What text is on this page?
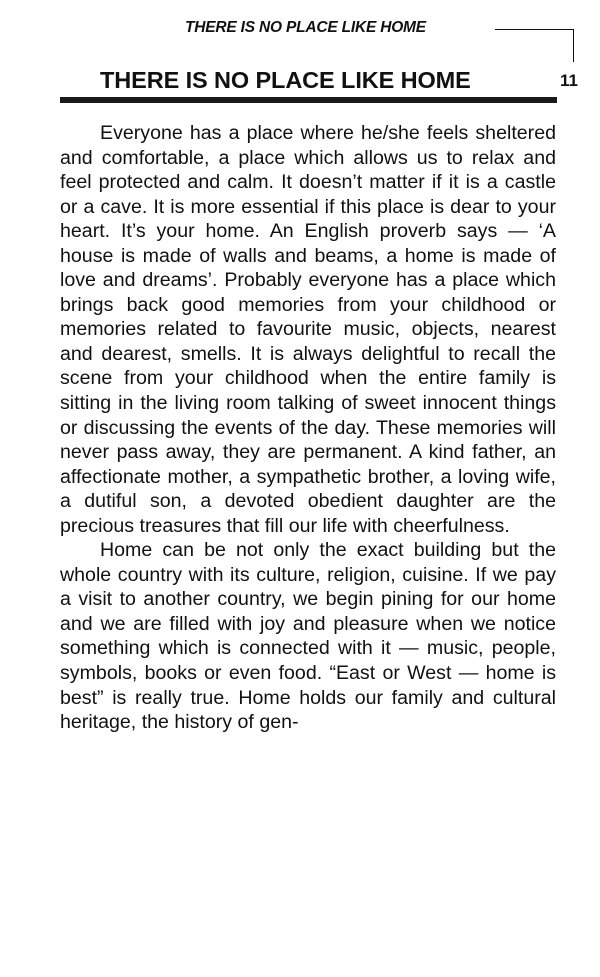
THERE IS NO PLACE LIKE HOME
THERE IS NO PLACE LIKE HOME	11

Everyone has a place where he/she feels sheltered and comfortable, a place which allows us to relax and feel protected and calm. It doesn’t matter if it is a castle or a cave. It is more essential if this place is dear to your heart. It’s your home. An English proverb says — ‘A house is made of walls and beams, a home is made of love and dreams’. Probably everyone has a place which brings back good memories from your childhood or memories related to favourite music, objects, nearest and dearest, smells. It is always delightful to recall the scene from your childhood when the entire family is sitting in the living room talking of sweet innocent things or discussing the events of the day. These memories will never pass away, they are permanent. A kind father, an affectionate mother, a sympathetic brother, a loving wife, a dutiful son, a devoted obedient daughter are the precious treasures that fill our life with cheerfulness.

Home can be not only the exact building but the whole country with its culture, religion, cuisine. If we pay a visit to another country, we begin pining for our home and we are filled with joy and pleasure when we notice something which is connected with it — music, people, symbols, books or even food. “East or West — home is best” is really true. Home holds our family and cultural heritage, the history of gen-
